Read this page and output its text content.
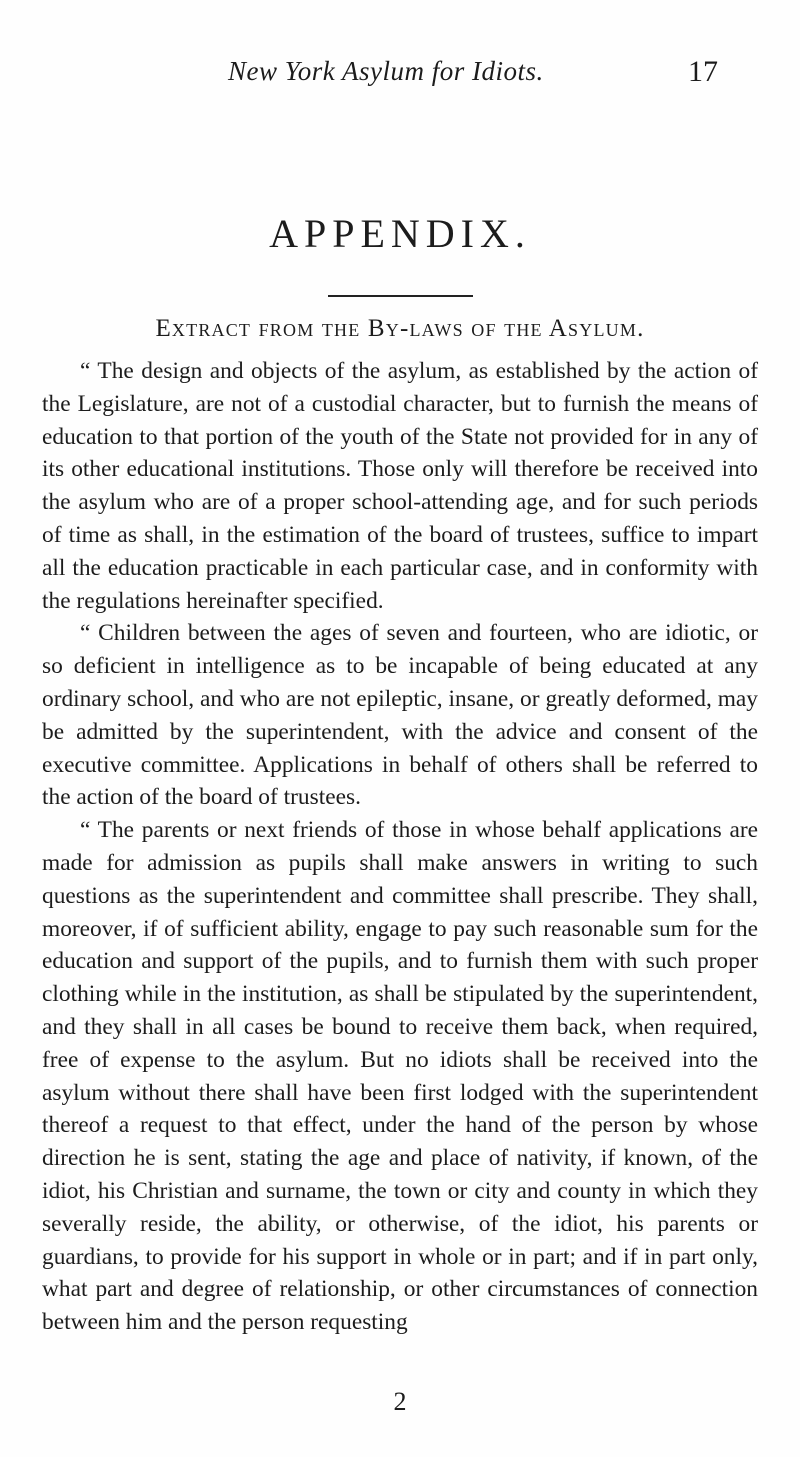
New York Asylum for Idiots.	17
APPENDIX.
Extract from the By-laws of the Asylum.

“ The design and objects of the asylum, as established by the action of the Legislature, are not of a custodial character, but to furnish the means of education to that portion of the youth of the State not provided for in any of its other educational institutions. Those only will therefore be received into the asylum who are of a proper school-attending age, and for such periods of time as shall, in the estimation of the board of trustees, suffice to impart all the education practicable in each particular case, and in conformity with the regulations hereinafter specified.

“ Children between the ages of seven and fourteen, who are idiotic, or so deficient in intelligence as to be incapable of being educated at any ordinary school, and who are not epileptic, insane, or greatly deformed, may be admitted by the superintendent, with the advice and consent of the executive committee. Applications in behalf of others shall be referred to the action of the board of trustees.

“ The parents or next friends of those in whose behalf applications are made for admission as pupils shall make answers in writing to such questions as the superintendent and committee shall prescribe. They shall, moreover, if of sufficient ability, engage to pay such reasonable sum for the education and support of the pupils, and to furnish them with such proper clothing while in the institution, as shall be stipulated by the superintendent, and they shall in all cases be bound to receive them back, when required, free of expense to the asylum. But no idiots shall be received into the asylum without there shall have been first lodged with the superintendent thereof a request to that effect, under the hand of the person by whose direction he is sent, stating the age and place of nativity, if known, of the idiot, his Christian and surname, the town or city and county in which they severally reside, the ability, or otherwise, of the idiot, his parents or guardians, to provide for his support in whole or in part; and if in part only, what part and degree of relationship, or other circumstances of connection between him and the person requesting

2
